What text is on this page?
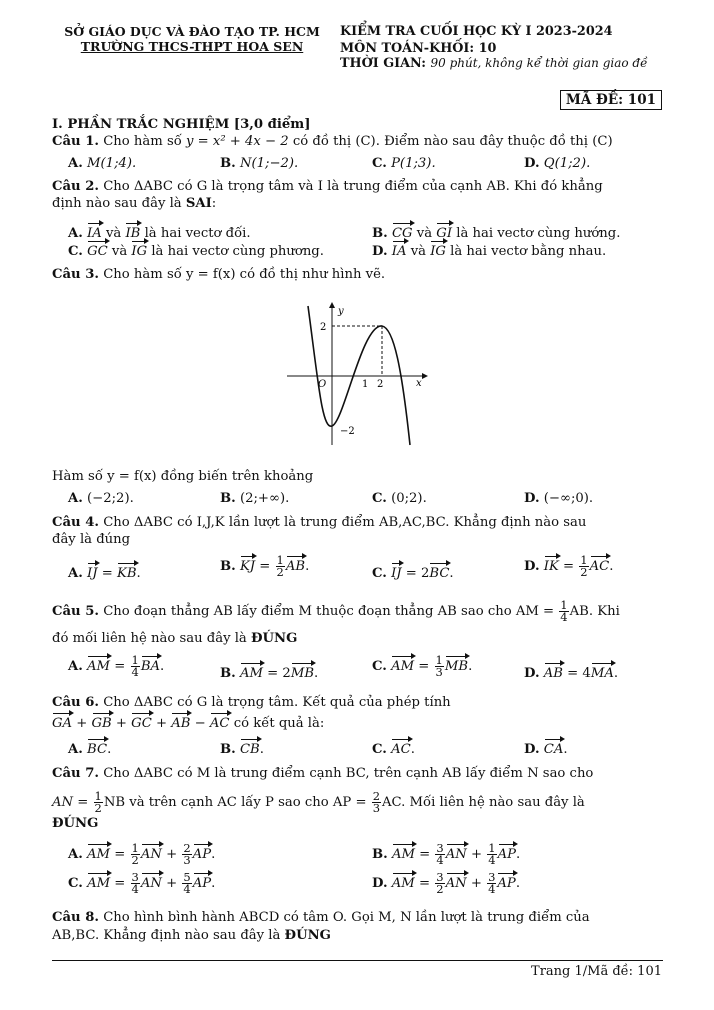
SỞ GIÁO DỤC VÀ ĐÀO TẠO TP. HCM
TRƯỜNG THCS-THPT HOA SEN
KIỂM TRA CUỐI HỌC KỲ I 2023-2024
MÔN TOÁN-KHỐI: 10
THỜI GIAN: 90 phút, không kể thời gian giao đề
MÃ ĐỀ: 101
I. PHẦN TRẮC NGHIỆM [3,0 điểm]
Câu 1. Cho hàm số y = x² + 4x − 2 có đồ thị (C). Điểm nào sau đây thuộc đồ thị (C)
A. M(1;4).	B. N(1;−2).	C. P(1;3).	D. Q(1;2).
Câu 2. Cho ΔABC có G là trọng tâm và I là trung điểm của cạnh AB. Khi đó khẳng
định nào sau đây là SAI:
A. IA và IB là hai vectơ đối.	B. CG và GI là hai vectơ cùng hướng.
C. GC và IG là hai vectơ cùng phương.	D. IA và IG là hai vectơ bằng nhau.
Câu 3. Cho hàm số y = f(x) có đồ thị như hình vẽ.
y
x
O
2
−2
1 2
Hàm số y = f(x) đồng biến trên khoảng
A. (−2;2).	B. (2;+∞).	C. (0;2).	D. (−∞;0).
Câu 4. Cho ΔABC có I,J,K lần lượt là trung điểm AB,AC,BC. Khẳng định nào sau
đây là đúng
A. IJ = KB.	B. KJ = $\frac{1}{2}$ AB.	C. IJ = 2BC.	D. IK = $\frac{1}{2}$ AC.
Câu 5. Cho đoạn thẳng AB lấy điểm M thuộc đoạn thẳng AB sao cho AM = $\frac{1}{4}$ AB. Khi
đó mối liên hệ nào sau đây là ĐÚNG
A. AM = $\frac{1}{4}$ BA.	B. AM = 2MB.	C. AM = $\frac{1}{3}$ MB.	D. AB = 4MA.
Câu 6. Cho ΔABC có G là trọng tâm. Kết quả của phép tính
GA + GB + GC + AB − AC có kết quả là:
A. BC.	B. CB.	C. AC.	D. CA.
Câu 7. Cho ΔABC có M là trung điểm cạnh BC, trên cạnh AB lấy điểm N sao cho
AN = $\frac{1}{2}$ NB và trên cạnh AC lấy P sao cho AP = $\frac{2}{3}$ AC. Mối liên hệ nào sau đây là
ĐÚNG
A. AM = $\frac{1}{2}$ AN + $\frac{2}{3}$ AP.	B. AM = $\frac{3}{4}$ AN + $\frac{1}{4}$ AP.
C. AM = $\frac{3}{4}$ AN + $\frac{5}{4}$ AP.	D. AM = $\frac{3}{2}$ AN + $\frac{3}{4}$ AP.
Câu 8. Cho hình bình hành ABCD có tâm O. Gọi M, N lần lượt là trung điểm của
AB,BC. Khẳng định nào sau đây là ĐÚNG
Trang 1/Mã đề: 101
